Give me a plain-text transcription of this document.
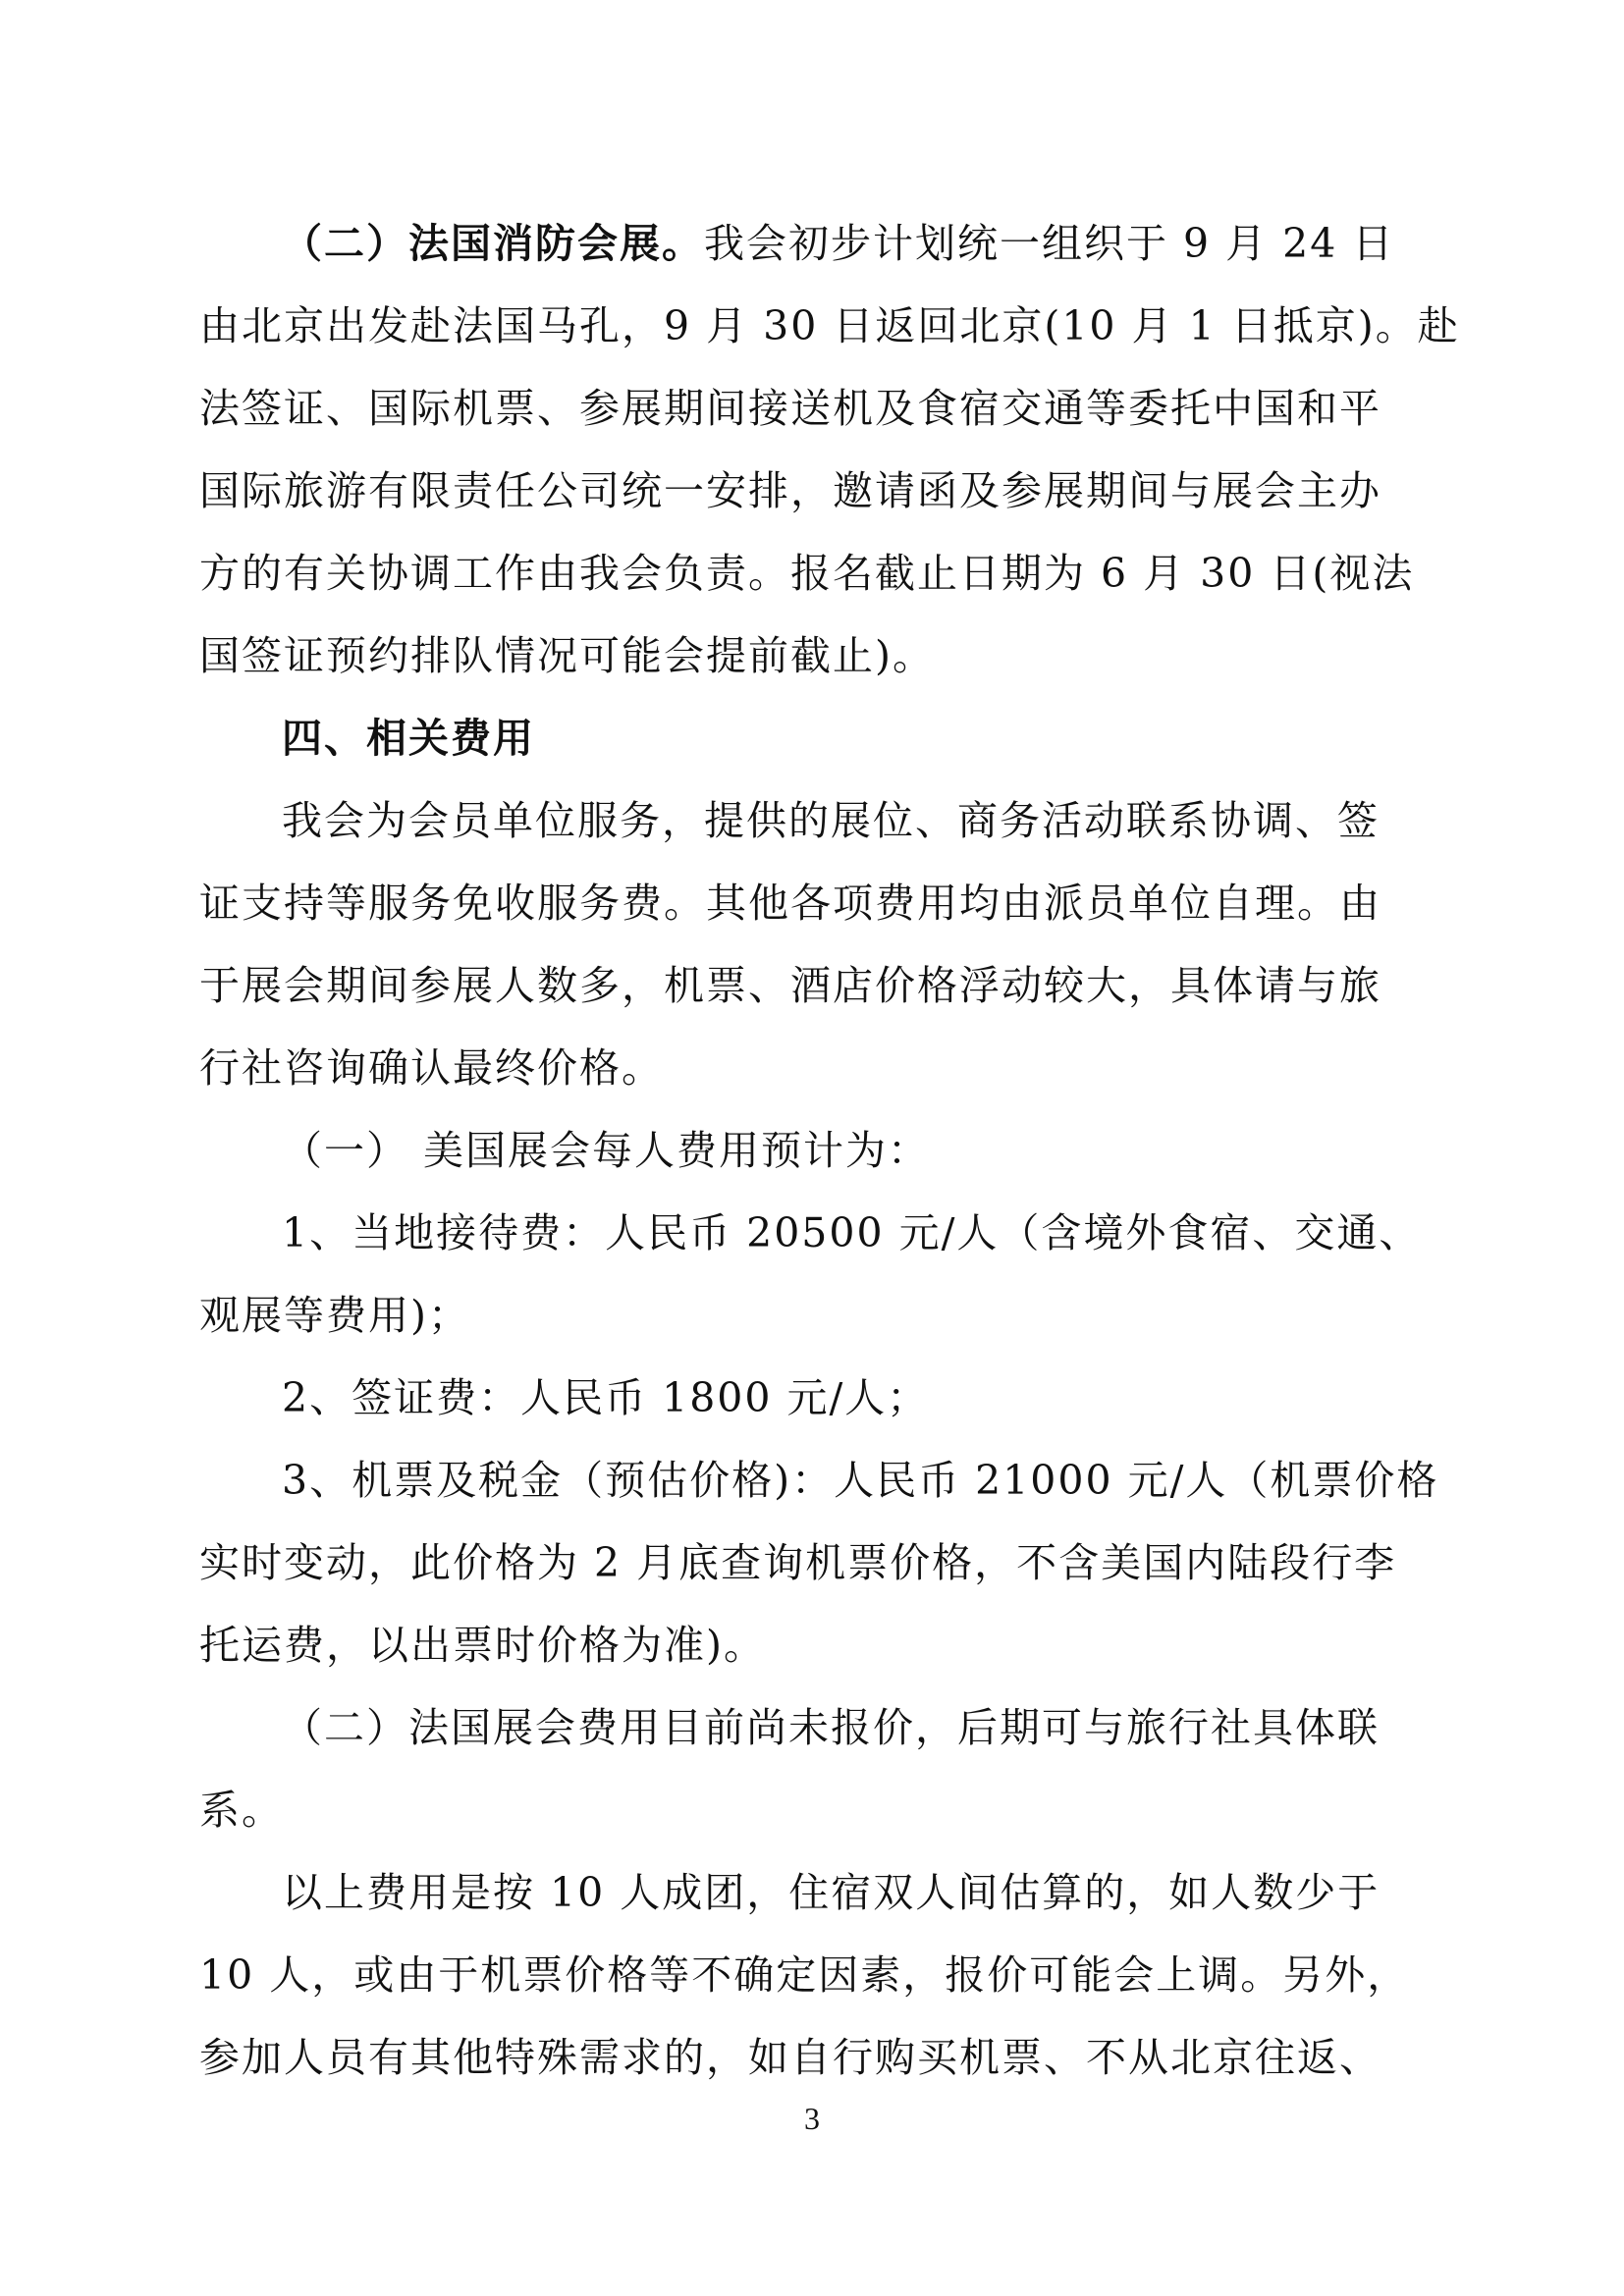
（二）法国消防会展。我会初步计划统一组织于 9 月 24 日
由北京出发赴法国马孔，9 月 30 日返回北京(10 月 1 日抵京)。赴
法签证、国际机票、参展期间接送机及食宿交通等委托中国和平
国际旅游有限责任公司统一安排，邀请函及参展期间与展会主办
方的有关协调工作由我会负责。报名截止日期为 6 月 30 日(视法
国签证预约排队情况可能会提前截止)。
四、相关费用
我会为会员单位服务，提供的展位、商务活动联系协调、签
证支持等服务免收服务费。其他各项费用均由派员单位自理。由
于展会期间参展人数多，机票、酒店价格浮动较大，具体请与旅
行社咨询确认最终价格。
（一） 美国展会每人费用预计为：
1、当地接待费：人民币 20500 元/人（含境外食宿、交通、
观展等费用)；
2、签证费：人民币 1800 元/人；
3、机票及税金（预估价格)：人民币 21000 元/人（机票价格
实时变动，此价格为 2 月底查询机票价格，不含美国内陆段行李
托运费，以出票时价格为准)。
（二）法国展会费用目前尚未报价，后期可与旅行社具体联
系。
以上费用是按 10 人成团，住宿双人间估算的，如人数少于
10 人，或由于机票价格等不确定因素，报价可能会上调。另外，
参加人员有其他特殊需求的，如自行购买机票、不从北京往返、
3
